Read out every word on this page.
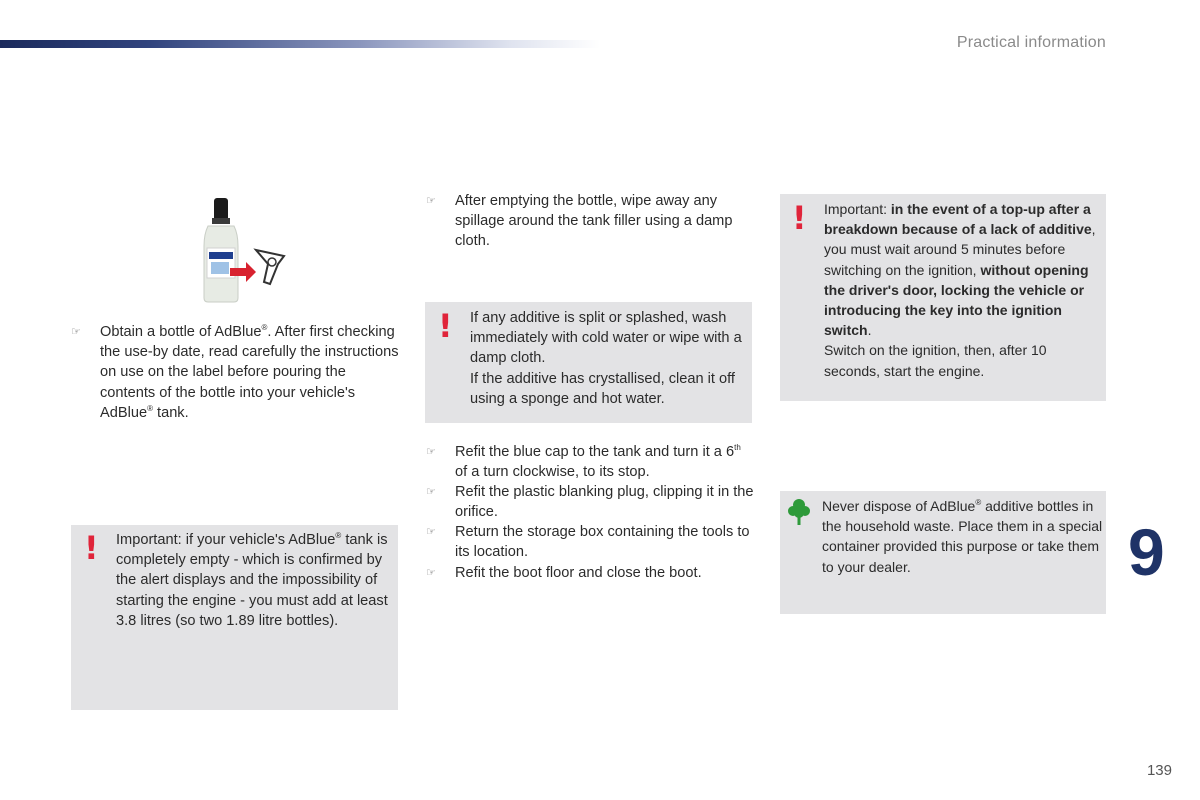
Practical information
☞	Obtain a bottle of AdBlue®. After first checking the use-by date, read carefully the instructions on use on the label before pouring the contents of the bottle into your vehicle's AdBlue® tank.
! Important: if your vehicle's AdBlue® tank is completely empty - which is confirmed by the alert displays and the impossibility of starting the engine - you must add at least 3.8 litres (so two 1.89 litre bottles).
☞	After emptying the bottle, wipe away any spillage around the tank filler using a damp cloth.
! If any additive is split or splashed, wash immediately with cold water or wipe with a damp cloth.
If the additive has crystallised, clean it off using a sponge and hot water.
☞	Refit the blue cap to the tank and turn it a 6th of a turn clockwise, to its stop.
☞	Refit the plastic blanking plug, clipping it in the orifice.
☞	Return the storage box containing the tools to its location.
☞	Refit the boot floor and close the boot.
! Important: in the event of a top-up after a breakdown because of a lack of additive, you must wait around 5 minutes before switching on the ignition, without opening the driver's door, locking the vehicle or introducing the key into the ignition switch.
Switch on the ignition, then, after 10 seconds, start the engine.
Never dispose of AdBlue® additive bottles in the household waste. Place them in a special container provided this purpose or take them to your dealer.	9
139
